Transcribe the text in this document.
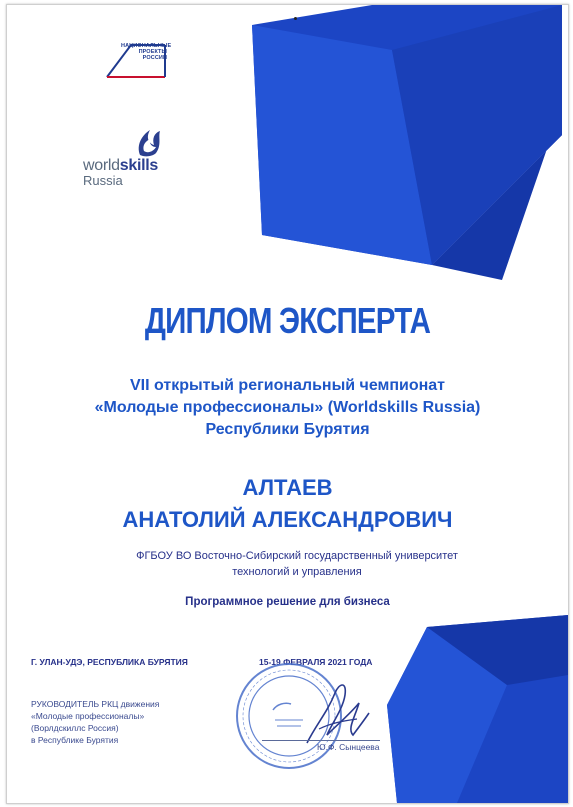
НАЦИОНАЛЬНЫЕ
ПРОЕКТЫ
РОССИИ
worldskills
Russia
ДИПЛОМ ЭКСПЕРТА
VII открытый региональный чемпионат
«Молодые профессионалы» (Worldskills Russia)
Республики Бурятия
АЛТАЕВ
АНАТОЛИЙ АЛЕКСАНДРОВИЧ
ФГБОУ ВО Восточно-Сибирский государственный университет технологий и управления
Программное решение для бизнеса
Г. УЛАН-УДЭ, РЕСПУБЛИКА БУРЯТИЯ	15-19 ФЕВРАЛЯ 2021 ГОДА
РУКОВОДИТЕЛЬ РКЦ движения
«Молодые профессионалы»
(Ворлдскиллс Россия)
в Республике Бурятия
Ю.Ф. Сынцеева
